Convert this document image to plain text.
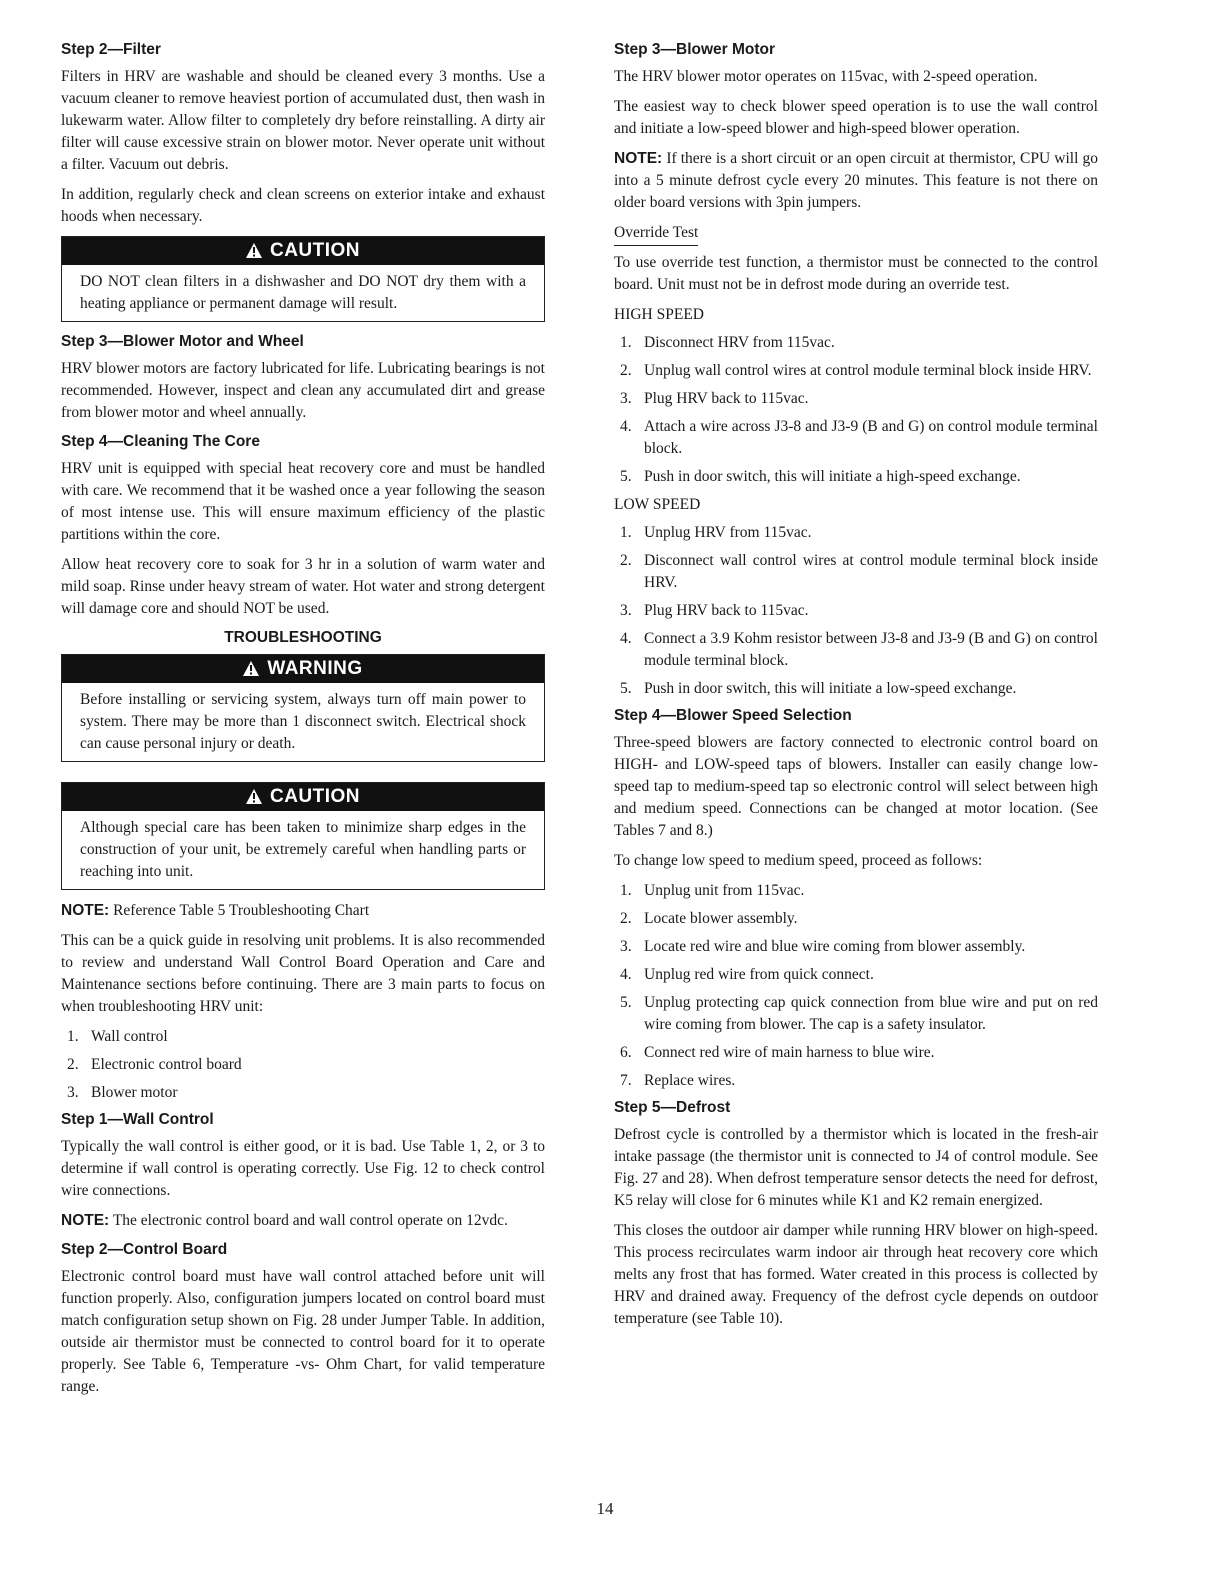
Step 2—Filter
Filters in HRV are washable and should be cleaned every 3 months. Use a vacuum cleaner to remove heaviest portion of accumulated dust, then wash in lukewarm water. Allow filter to completely dry before reinstalling. A dirty air filter will cause excessive strain on blower motor. Never operate unit without a filter. Vacuum out debris.
In addition, regularly check and clean screens on exterior intake and exhaust hoods when necessary.
CAUTION
DO NOT clean filters in a dishwasher and DO NOT dry them with a heating appliance or permanent damage will result.
Step 3—Blower Motor and Wheel
HRV blower motors are factory lubricated for life. Lubricating bearings is not recommended. However, inspect and clean any accumulated dirt and grease from blower motor and wheel annually.
Step 4—Cleaning The Core
HRV unit is equipped with special heat recovery core and must be handled with care. We recommend that it be washed once a year following the season of most intense use. This will ensure maximum efficiency of the plastic partitions within the core.
Allow heat recovery core to soak for 3 hr in a solution of warm water and mild soap. Rinse under heavy stream of water. Hot water and strong detergent will damage core and should NOT be used.
TROUBLESHOOTING
WARNING
Before installing or servicing system, always turn off main power to system. There may be more than 1 disconnect switch. Electrical shock can cause personal injury or death.
CAUTION
Although special care has been taken to minimize sharp edges in the construction of your unit, be extremely careful when handling parts or reaching into unit.
NOTE: Reference Table 5 Troubleshooting Chart
This can be a quick guide in resolving unit problems. It is also recommended to review and understand Wall Control Board Operation and Care and Maintenance sections before continuing. There are 3 main parts to focus on when troubleshooting HRV unit:
1. Wall control
2. Electronic control board
3. Blower motor
Step 1—Wall Control
Typically the wall control is either good, or it is bad. Use Table 1, 2, or 3 to determine if wall control is operating correctly. Use Fig. 12 to check control wire connections.
NOTE: The electronic control board and wall control operate on 12vdc.
Step 2—Control Board
Electronic control board must have wall control attached before unit will function properly. Also, configuration jumpers located on control board must match configuration setup shown on Fig. 28 under Jumper Table. In addition, outside air thermistor must be connected to control board for it to operate properly. See Table 6, Temperature -vs- Ohm Chart, for valid temperature range.
Step 3—Blower Motor
The HRV blower motor operates on 115vac, with 2-speed operation.
The easiest way to check blower speed operation is to use the wall control and initiate a low-speed blower and high-speed blower operation.
NOTE: If there is a short circuit or an open circuit at thermistor, CPU will go into a 5 minute defrost cycle every 20 minutes. This feature is not there on older board versions with 3pin jumpers.
Override Test
To use override test function, a thermistor must be connected to the control board. Unit must not be in defrost mode during an override test.
HIGH SPEED
1. Disconnect HRV from 115vac.
2. Unplug wall control wires at control module terminal block inside HRV.
3. Plug HRV back to 115vac.
4. Attach a wire across J3-8 and J3-9 (B and G) on control module terminal block.
5. Push in door switch, this will initiate a high-speed exchange.
LOW SPEED
1. Unplug HRV from 115vac.
2. Disconnect wall control wires at control module terminal block inside HRV.
3. Plug HRV back to 115vac.
4. Connect a 3.9 Kohm resistor between J3-8 and J3-9 (B and G) on control module terminal block.
5. Push in door switch, this will initiate a low-speed exchange.
Step 4—Blower Speed Selection
Three-speed blowers are factory connected to electronic control board on HIGH- and LOW-speed taps of blowers. Installer can easily change low-speed tap to medium-speed tap so electronic control will select between high and medium speed. Connections can be changed at motor location. (See Tables 7 and 8.)
To change low speed to medium speed, proceed as follows:
1. Unplug unit from 115vac.
2. Locate blower assembly.
3. Locate red wire and blue wire coming from blower assembly.
4. Unplug red wire from quick connect.
5. Unplug protecting cap quick connection from blue wire and put on red wire coming from blower. The cap is a safety insulator.
6. Connect red wire of main harness to blue wire.
7. Replace wires.
Step 5—Defrost
Defrost cycle is controlled by a thermistor which is located in the fresh-air intake passage (the thermistor unit is connected to J4 of control module. See Fig. 27 and 28). When defrost temperature sensor detects the need for defrost, K5 relay will close for 6 minutes while K1 and K2 remain energized.
This closes the outdoor air damper while running HRV blower on high-speed. This process recirculates warm indoor air through heat recovery core which melts any frost that has formed. Water created in this process is collected by HRV and drained away. Frequency of the defrost cycle depends on outdoor temperature (see Table 10).
14
